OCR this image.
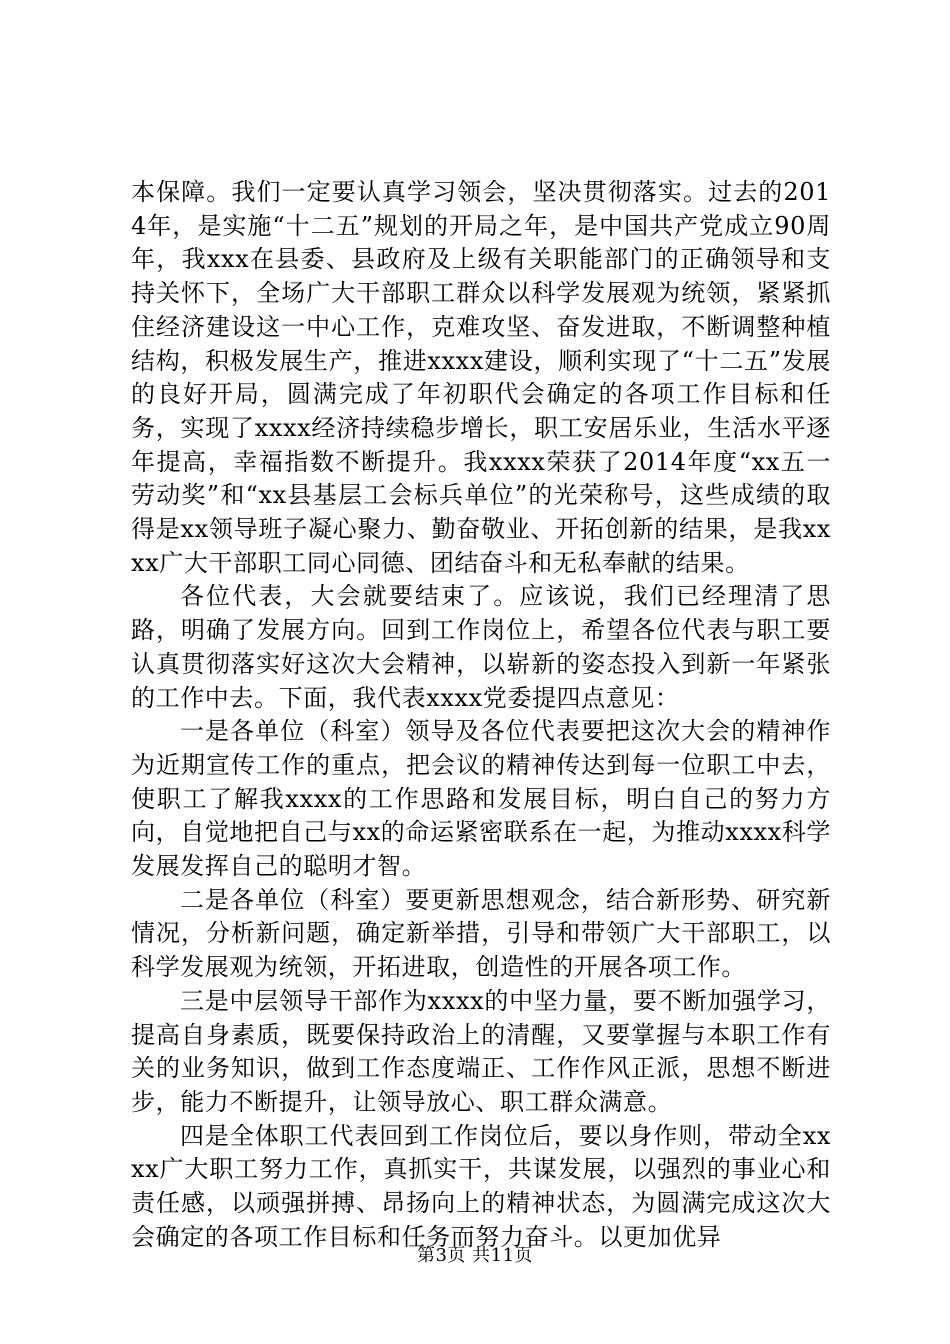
本保障。我们一定要认真学习领会，坚决贯彻落实。过去的2014年，是实施“十二五”规划的开局之年，是中国共产党成立90周年，我xxx在县委、县政府及上级有关职能部门的正确领导和支持关怀下，全场广大干部职工群众以科学发展观为统领，紧紧抓住经济建设这一中心工作，克难攻坚、奋发进取，不断调整种植结构，积极发展生产，推进xxxx建设，顺利实现了“十二五”发展的良好开局，圆满完成了年初职代会确定的各项工作目标和任务，实现了xxxx经济持续稳步增长，职工安居乐业，生活水平逐年提高，幸福指数不断提升。我xxxx荣获了2014年度“xx五一劳动奖”和“xx县基层工会标兵单位”的光荣称号，这些成绩的取得是xx领导班子凝心聚力、勤奋敬业、开拓创新的结果，是我xxxx广大干部职工同心同德、团结奋斗和无私奉献的结果。

各位代表，大会就要结束了。应该说，我们已经理清了思路，明确了发展方向。回到工作岗位上，希望各位代表与职工要认真贯彻落实好这次大会精神，以崭新的姿态投入到新一年紧张的工作中去。下面，我代表xxxx党委提四点意见：

一是各单位（科室）领导及各位代表要把这次大会的精神作为近期宣传工作的重点，把会议的精神传达到每一位职工中去，使职工了解我xxxx的工作思路和发展目标，明白自己的努力方向，自觉地把自己与xx的命运紧密联系在一起，为推动xxxx科学发展发挥自己的聪明才智。

二是各单位（科室）要更新思想观念，结合新形势、研究新情况，分析新问题，确定新举措，引导和带领广大干部职工，以科学发展观为统领，开拓进取，创造性的开展各项工作。

三是中层领导干部作为xxxx的中坚力量，要不断加强学习，提高自身素质，既要保持政治上的清醒，又要掌握与本职工作有关的业务知识，做到工作态度端正、工作作风正派，思想不断进步，能力不断提升，让领导放心、职工群众满意。

四是全体职工代表回到工作岗位后，要以身作则，带动全xxxx广大职工努力工作，真抓实干，共谋发展，以强烈的事业心和责任感，以顽强拼搏、昂扬向上的精神状态，为圆满完成这次大会确定的各项工作目标和任务而努力奋斗。以更加优异

第3页 共11页
